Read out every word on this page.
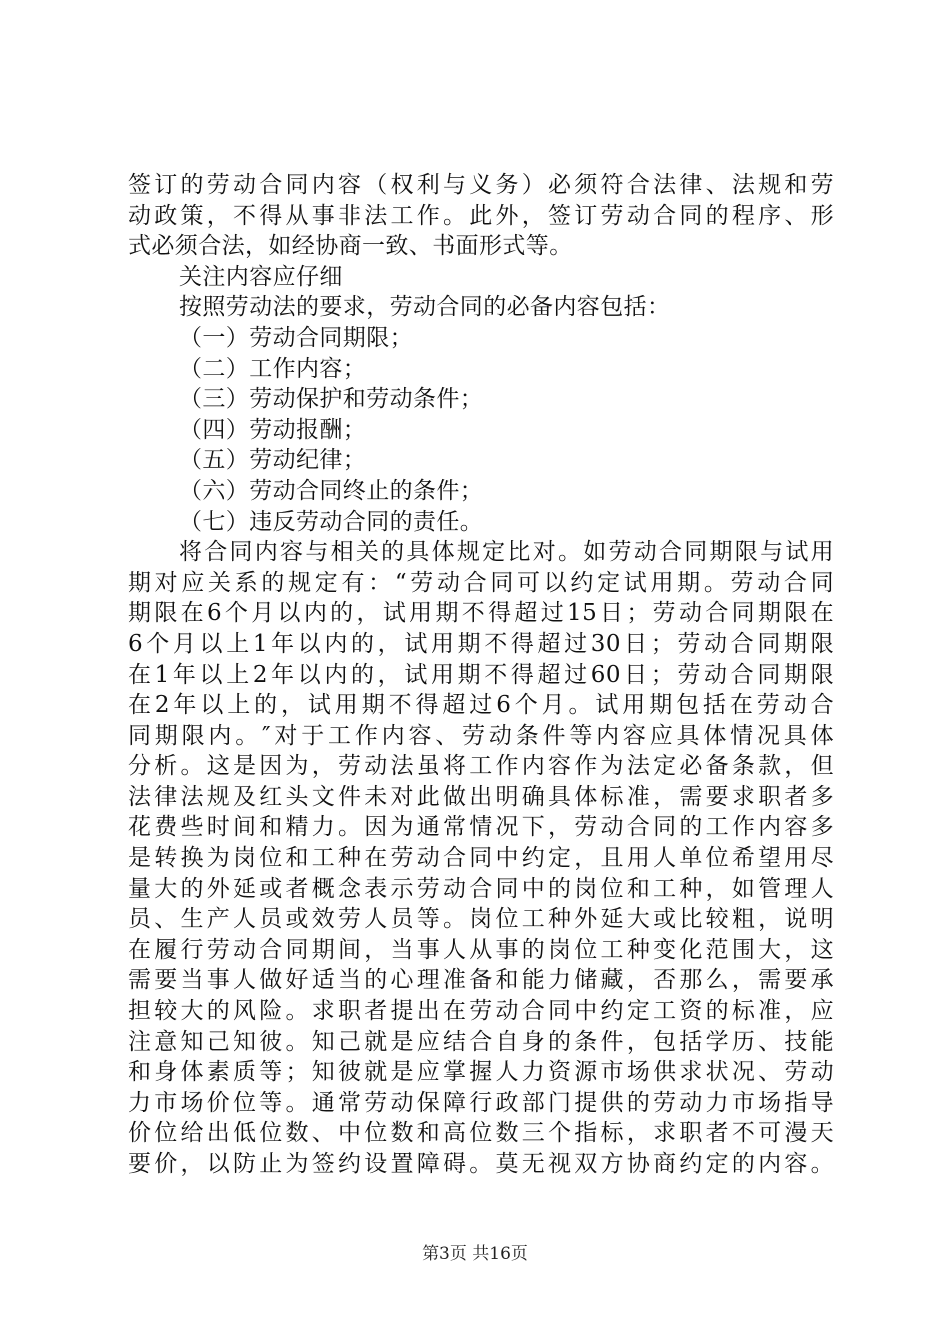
签订的劳动合同内容（权利与义务）必须符合法律、法规和劳
动政策，不得从事非法工作。此外，签订劳动合同的程序、形
式必须合法，如经协商一致、书面形式等。
关注内容应仔细
按照劳动法的要求，劳动合同的必备内容包括：
（一）劳动合同期限；
（二）工作内容；
（三）劳动保护和劳动条件；
（四）劳动报酬；
（五）劳动纪律；
（六）劳动合同终止的条件；
（七）违反劳动合同的责任。
将合同内容与相关的具体规定比对。如劳动合同期限与试用
期对应关系的规定有：“劳动合同可以约定试用期。劳动合同
期限在6个月以内的，试用期不得超过15日；劳动合同期限在
6个月以上1年以内的，试用期不得超过30日；劳动合同期限
在1年以上2年以内的，试用期不得超过60日；劳动合同期限
在2年以上的，试用期不得超过6个月。试用期包括在劳动合
同期限内。″对于工作内容、劳动条件等内容应具体情况具体
分析。这是因为，劳动法虽将工作内容作为法定必备条款，但
法律法规及红头文件未对此做出明确具体标准，需要求职者多
花费些时间和精力。因为通常情况下，劳动合同的工作内容多
是转换为岗位和工种在劳动合同中约定，且用人单位希望用尽
量大的外延或者概念表示劳动合同中的岗位和工种，如管理人
员、生产人员或效劳人员等。岗位工种外延大或比较粗，说明
在履行劳动合同期间，当事人从事的岗位工种变化范围大，这
需要当事人做好适当的心理准备和能力储藏，否那么，需要承
担较大的风险。求职者提出在劳动合同中约定工资的标准，应
注意知己知彼。知己就是应结合自身的条件，包括学历、技能
和身体素质等；知彼就是应掌握人力资源市场供求状况、劳动
力市场价位等。通常劳动保障行政部门提供的劳动力市场指导
价位给出低位数、中位数和高位数三个指标，求职者不可漫天
要价，以防止为签约设置障碍。莫无视双方协商约定的内容。
第3页 共16页
